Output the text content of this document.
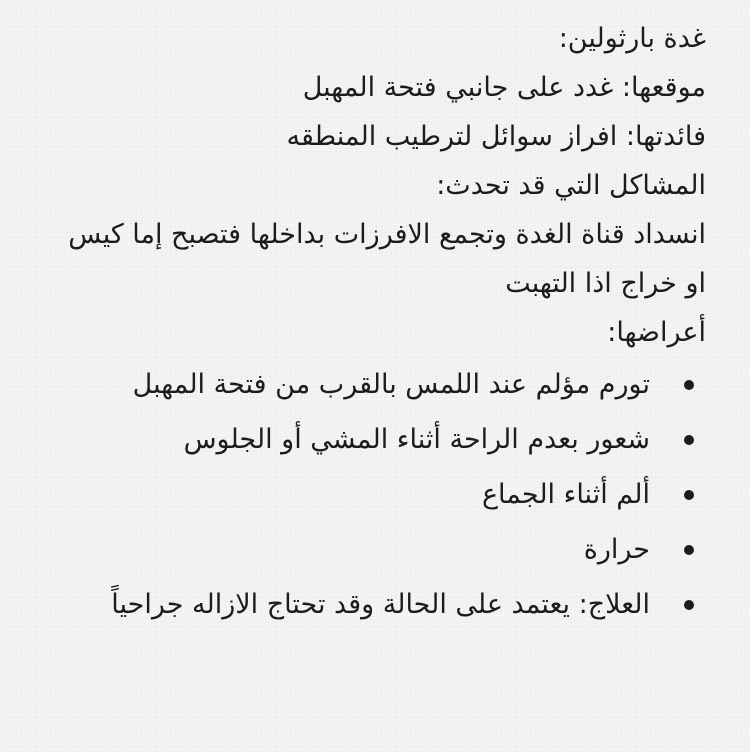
غدة بارثولين:

موقعها: غدد على جانبي فتحة المهبل

فائدتها: افراز سوائل لترطيب المنطقه

المشاكل التي قد تحدث:

انسداد قناة الغدة وتجمع الافرزات بداخلها فتصبح إما كيس او خراج اذا التهبت

أعراضها:

تورم مؤلم عند اللمس بالقرب من فتحة المهبل
شعور بعدم الراحة أثناء المشي أو الجلوس
ألم أثناء الجماع
حرارة
العلاج: يعتمد على الحالة وقد تحتاج الازاله جراحياً
